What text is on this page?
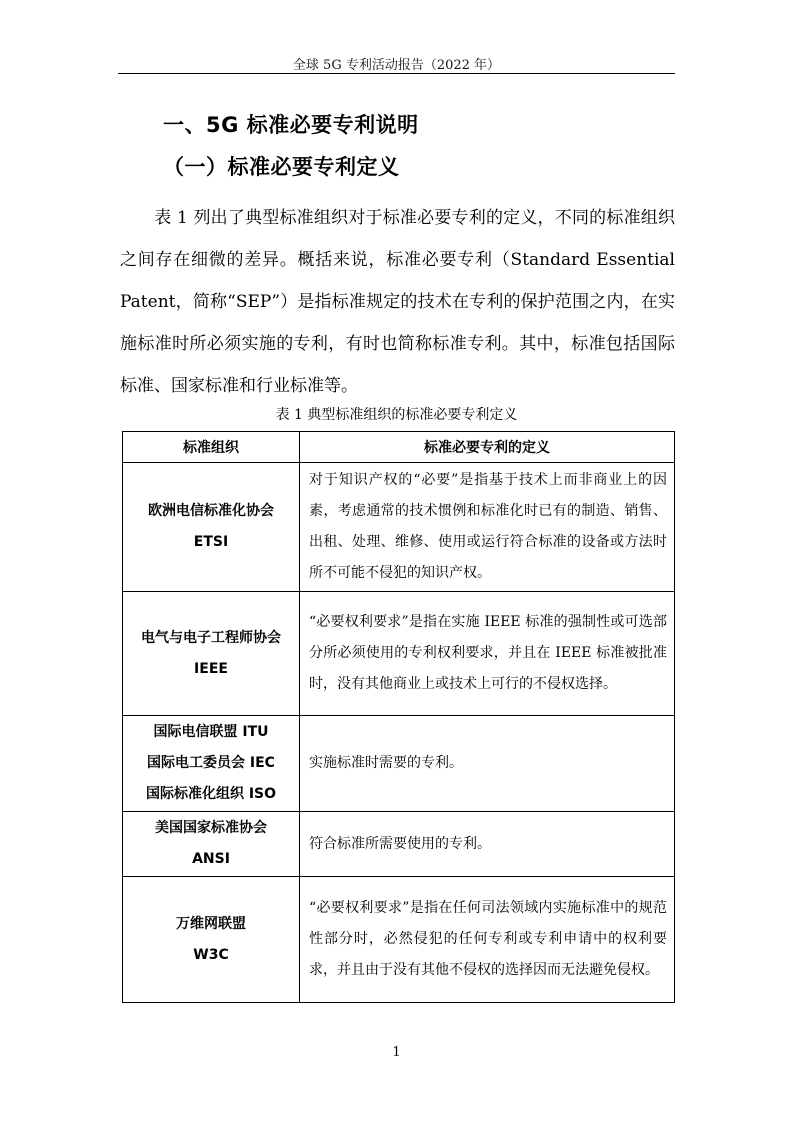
全球 5G 专利活动报告（2022 年）
一、5G 标准必要专利说明
（一）标准必要专利定义
表 1 列出了典型标准组织对于标准必要专利的定义，不同的标准组织之间存在细微的差异。概括来说，标准必要专利（Standard Essential Patent，简称“SEP”）是指标准规定的技术在专利的保护范围之内，在实施标准时所必须实施的专利，有时也简称标准专利。其中，标准包括国际标准、国家标准和行业标准等。
表 1 典型标准组织的标准必要专利定义
标准组织	标准必要专利的定义

欧洲电信标准化协会
ETSI	对于知识产权的“必要”是指基于技术上而非商业上的因素，考虑通常的技术惯例和标准化时已有的制造、销售、出租、处理、维修、使用或运行符合标准的设备或方法时所不可能不侵犯的知识产权。

电气与电子工程师协会
IEEE	“必要权利要求”是指在实施 IEEE 标准的强制性或可选部分所必须使用的专利权利要求，并且在 IEEE 标准被批准时，没有其他商业上或技术上可行的不侵权选择。

国际电信联盟 ITU
国际电工委员会 IEC
国际标准化组织 ISO	实施标准时需要的专利。

美国国家标准协会
ANSI	符合标准所需要使用的专利。

万维网联盟
W3C	“必要权利要求”是指在任何司法领域内实施标准中的规范性部分时，必然侵犯的任何专利或专利申请中的权利要求，并且由于没有其他不侵权的选择因而无法避免侵权。
1
